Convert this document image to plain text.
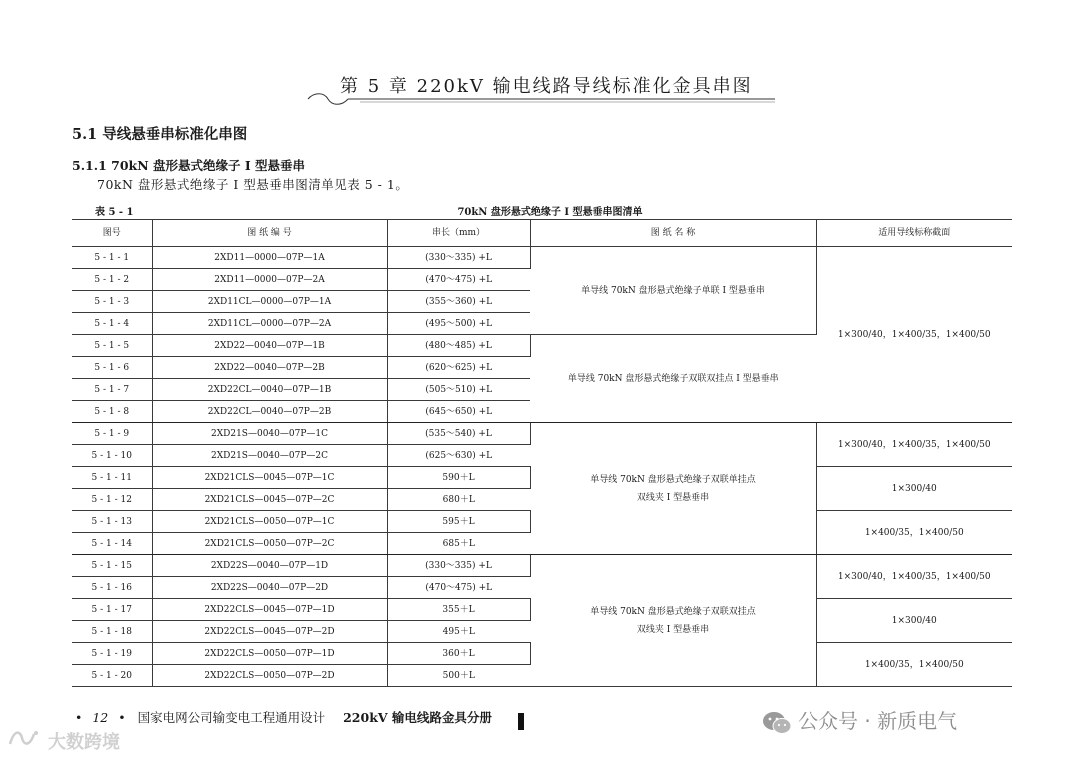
第 5 章 220kV 输电线路导线标准化金具串图
5.1 导线悬垂串标准化串图
5.1.1 70kN 盘形悬式绝缘子 I 型悬垂串
70kN 盘形悬式绝缘子 I 型悬垂串图清单见表 5 - 1。
表 5 - 1	70kN 盘形悬式绝缘子 I 型悬垂串图清单
图号	图 纸 编 号	串长（mm）	图 纸 名 称	适用导线标称截面
5 - 1 - 1	2XD11—0000—07P—1A	(330～335) +L	单导线 70kN 盘形悬式绝缘子单联 I 型悬垂串	1×300/40，1×400/35，1×400/50
5 - 1 - 2	2XD11—0000—07P—2A	(470～475) +L		
5 - 1 - 3	2XD11CL—0000—07P—1A	(355～360) +L		
5 - 1 - 4	2XD11CL—0000—07P—2A	(495～500) +L		
5 - 1 - 5	2XD22—0040—07P—1B	(480～485) +L	单导线 70kN 盘形悬式绝缘子双联双挂点 I 型悬垂串	
5 - 1 - 6	2XD22—0040—07P—2B	(620～625) +L		
5 - 1 - 7	2XD22CL—0040—07P—1B	(505～510) +L		
5 - 1 - 8	2XD22CL—0040—07P—2B	(645～650) +L		
5 - 1 - 9	2XD21S—0040—07P—1C	(535～540) +L	单导线 70kN 盘形悬式绝缘子双联单挂点
双线夹 I 型悬垂串	1×300/40，1×400/35，1×400/50
5 - 1 - 10	2XD21S—0040—07P—2C	(625～630) +L		
5 - 1 - 11	2XD21CLS—0045—07P—1C	590＋L		1×300/40
5 - 1 - 12	2XD21CLS—0045—07P—2C	680＋L		
5 - 1 - 13	2XD21CLS—0050—07P—1C	595＋L		1×400/35，1×400/50
5 - 1 - 14	2XD21CLS—0050—07P—2C	685＋L		
5 - 1 - 15	2XD22S—0040—07P—1D	(330～335) +L	单导线 70kN 盘形悬式绝缘子双联双挂点
双线夹 I 型悬垂串	1×300/40，1×400/35，1×400/50
5 - 1 - 16	2XD22S—0040—07P—2D	(470～475) +L		
5 - 1 - 17	2XD22CLS—0045—07P—1D	355＋L		1×300/40
5 - 1 - 18	2XD22CLS—0045—07P—2D	495＋L		
5 - 1 - 19	2XD22CLS—0050—07P—1D	360＋L		1×400/35，1×400/50
5 - 1 - 20	2XD22CLS—0050—07P—2D	500＋L		
• 12 • 国家电网公司输变电工程通用设计 220kV 输电线路金具分册
大数跨境
公众号 · 新质电气
